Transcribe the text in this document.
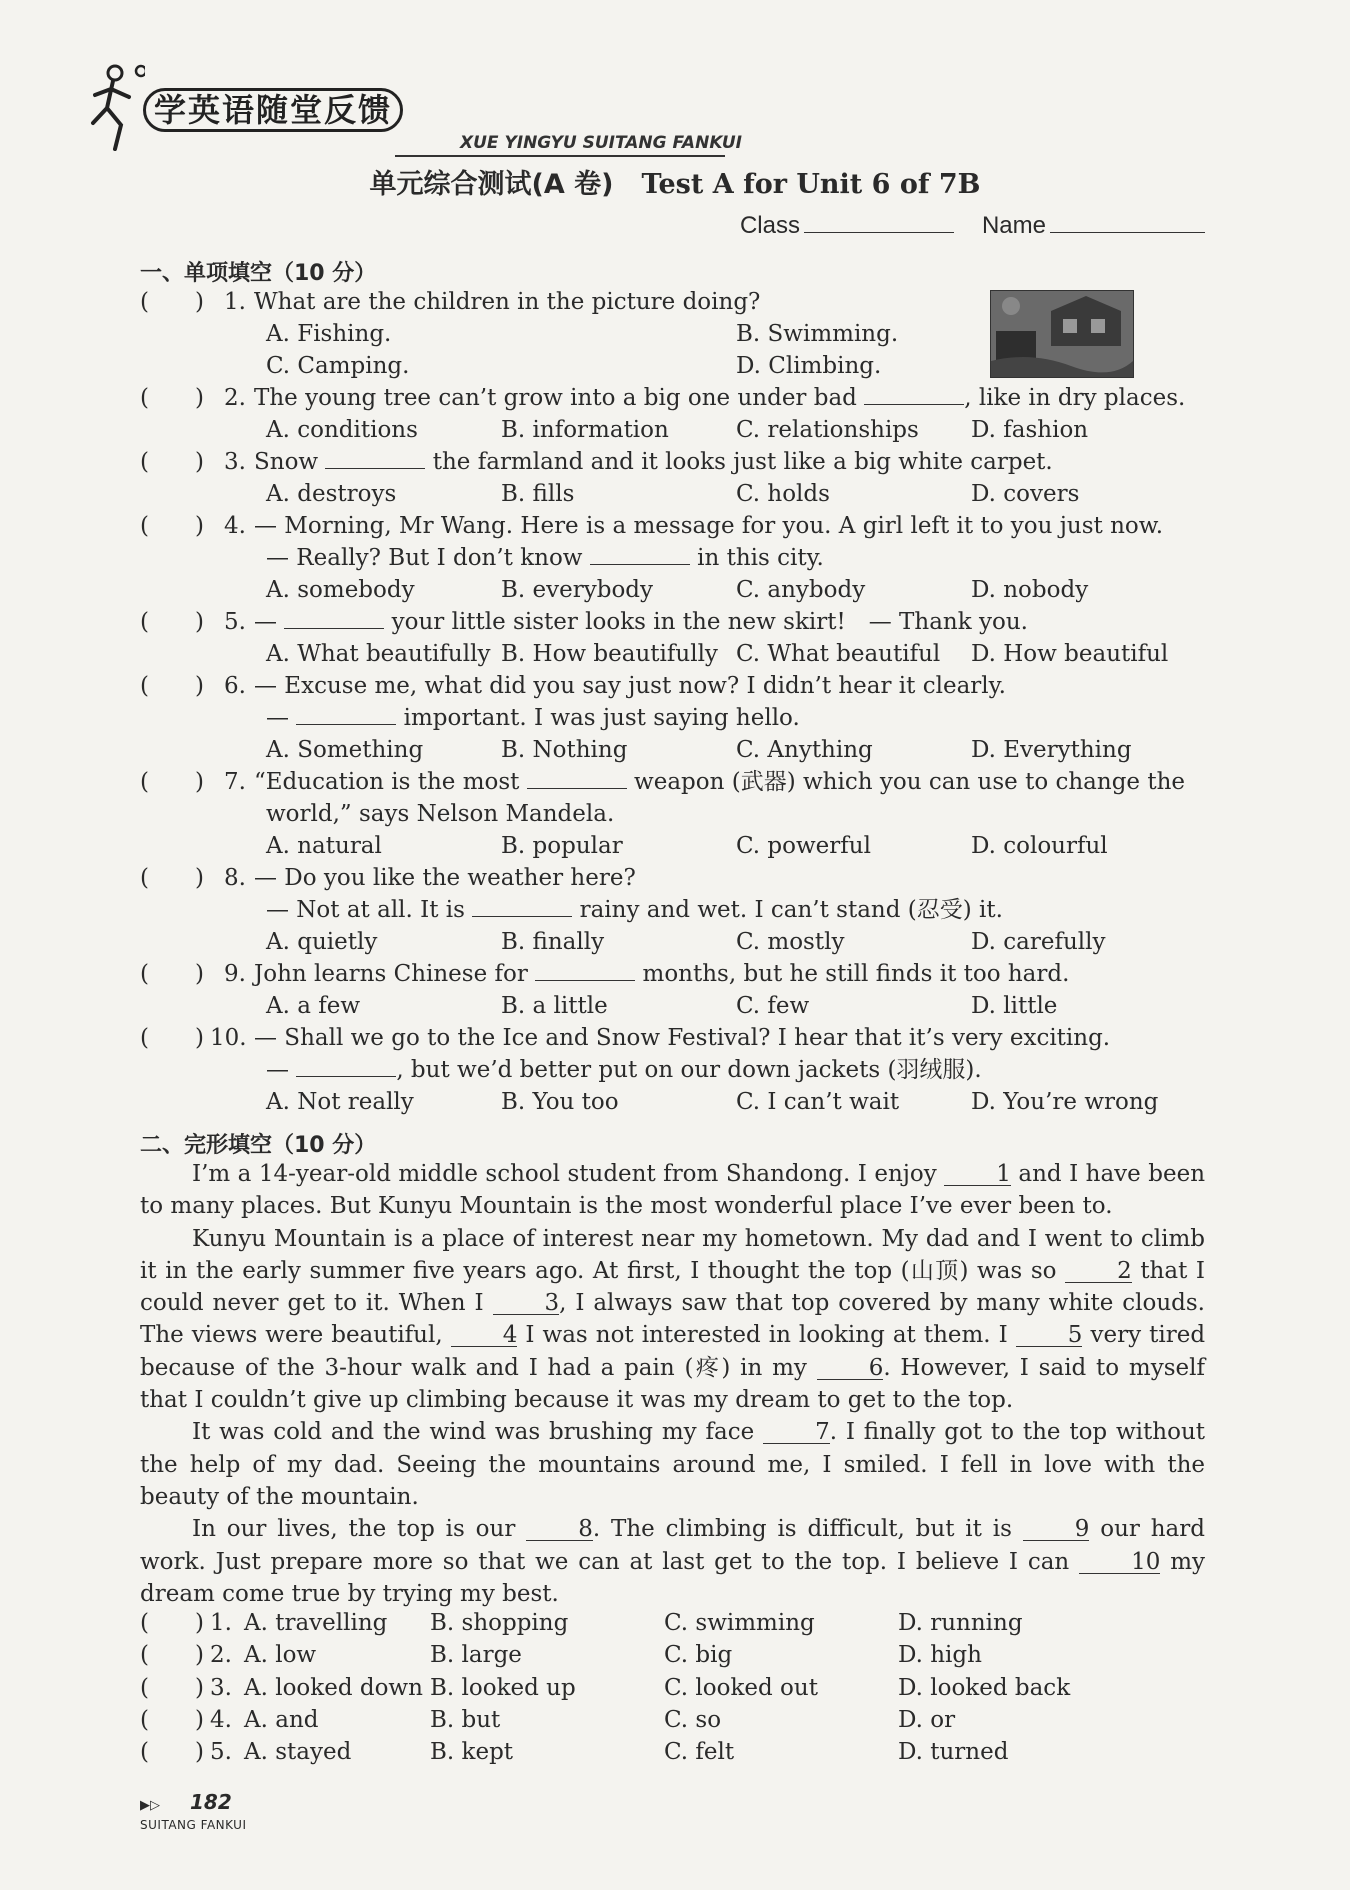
学英语随堂反馈
XUE YINGYU SUITANG FANKUI
单元综合测试(A 卷) Test A for Unit 6 of 7B
Class	Name
一、单项填空（10 分）
(　　) 1. What are the children in the picture doing?
A. Fishing.	B. Swimming.
C. Camping.	D. Climbing.
(　　) 2. The young tree can’t grow into a big one under bad	, like in dry places.
A. conditions	B. information	C. relationships	D. fashion
(　　) 3. Snow	the farmland and it looks just like a big white carpet.
A. destroys	B. fills	C. holds	D. covers
(　　) 4. — Morning, Mr Wang. Here is a message for you. A girl left it to you just now.
— Really? But I don’t know	in this city.
A. somebody	B. everybody	C. anybody	D. nobody
(　　) 5. —	your little sister looks in the new skirt!　— Thank you.
A. What beautifully B. How beautifully C. What beautiful	D. How beautiful
(　　) 6. — Excuse me, what did you say just now? I didn’t hear it clearly.
—	important. I was just saying hello.
A. Something	B. Nothing	C. Anything	D. Everything
(　　) 7. “Education is the most	weapon (武器) which you can use to change the
world,” says Nelson Mandela.
A. natural	B. popular	C. powerful	D. colourful
(　　) 8. — Do you like the weather here?
— Not at all. It is	rainy and wet. I can’t stand (忍受) it.
A. quietly	B. finally	C. mostly	D. carefully
(　　) 9. John learns Chinese for	months, but he still finds it too hard.
A. a few	B. a little	C. few	D. little
(　　) 10. — Shall we go to the Ice and Snow Festival? I hear that it’s very exciting.
—	, but we’d better put on our down jackets (羽绒服).
A. Not really	B. You too	C. I can’t wait	D. You’re wrong
二、完形填空（10 分）

I’m a 14-year-old middle school student from Shandong. I enjoy	1 and I have been to many places. But Kunyu Mountain is the most wonderful place I’ve ever been to.

Kunyu Mountain is a place of interest near my hometown. My dad and I went to climb it in the early summer five years ago. At first, I thought the top (山顶) was so	2 that I could never get to it. When I	3, I always saw that top covered by many white clouds. The views were beautiful,	4 I was not interested in looking at them. I	5 very tired because of the 3-hour walk and I had a pain (疼) in my	6. However, I said to myself that I couldn’t give up climbing because it was my dream to get to the top.

It was cold and the wind was brushing my face	7. I finally got to the top without the help of my dad. Seeing the mountains around me, I smiled. I fell in love with the beauty of the mountain.

In our lives, the top is our	8. The climbing is difficult, but it is	9 our hard work. Just prepare more so that we can at last get to the top. I believe I can	10 my dream come true by trying my best.

(　　) 1. A. travelling	B. shopping	C. swimming	D. running
(　　) 2. A. low	B. large	C. big	D. high
(　　) 3. A. looked down B. looked up	C. looked out	D. looked back
(　　) 4. A. and	B. but	C. so	D. or
(　　) 5. A. stayed	B. kept	C. felt	D. turned
▶▷ 182
SUITANG FANKUI
